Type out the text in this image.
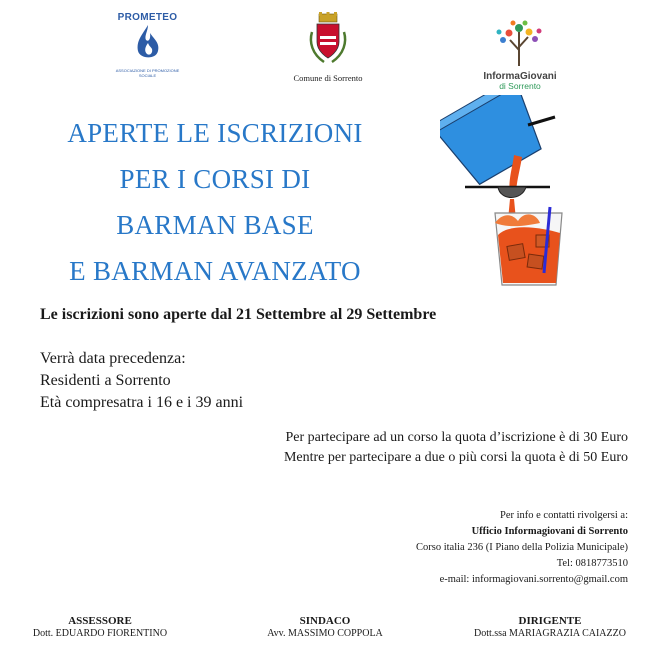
PROMETEO
ASSOCIAZIONE DI PROMOZIONE SOCIALE	Comune di Sorrento	InformaGiovani
di Sorrento
APERTE LE ISCRIZIONI
PER I CORSI DI
BARMAN BASE
E BARMAN AVANZATO
Le iscrizioni sono aperte dal 21 Settembre al 29 Settembre
Verrà data precedenza:
Residenti a Sorrento
Età compresatra i 16 e i 39 anni
Per partecipare ad un corso la quota d’iscrizione è di 30 Euro
Mentre per partecipare a due o più corsi la quota è di 50 Euro
Per info e contatti rivolgersi a:
Ufficio Informagiovani di Sorrento
Corso italia 236 (I Piano della Polizia Municipale)
Tel: 0818773510
e-mail: informagiovani.sorrento@gmail.com
ASSESSORE
Dott. EDUARDO FIORENTINO
SINDACO
Avv. MASSIMO COPPOLA
DIRIGENTE
Dott.ssa MARIAGRAZIA CAIAZZO
